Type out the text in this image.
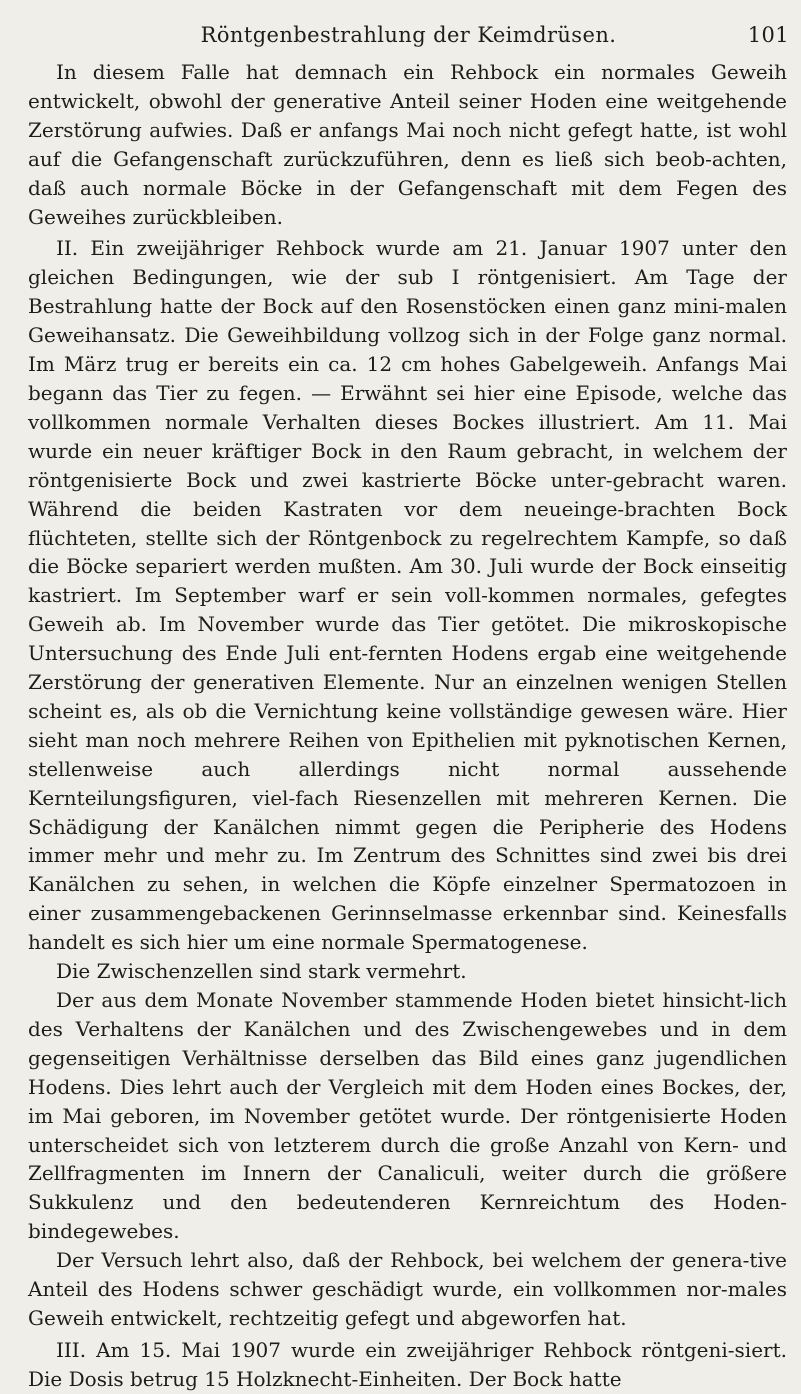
Röntgenbestrahlung der Keimdrüsen.	101

In diesem Falle hat demnach ein Rehbock ein normales Geweih entwickelt, obwohl der generative Anteil seiner Hoden eine weitgehende Zerstörung aufwies. Daß er anfangs Mai noch nicht gefegt hatte, ist wohl auf die Gefangenschaft zurückzuführen, denn es ließ sich beob-achten, daß auch normale Böcke in der Gefangenschaft mit dem Fegen des Geweihes zurückbleiben.

II. Ein zweijähriger Rehbock wurde am 21. Januar 1907 unter den gleichen Bedingungen, wie der sub I röntgenisiert. Am Tage der Bestrahlung hatte der Bock auf den Rosenstöcken einen ganz mini-malen Geweihansatz. Die Geweihbildung vollzog sich in der Folge ganz normal. Im März trug er bereits ein ca. 12 cm hohes Gabelgeweih. Anfangs Mai begann das Tier zu fegen. — Erwähnt sei hier eine Episode, welche das vollkommen normale Verhalten dieses Bockes illustriert. Am 11. Mai wurde ein neuer kräftiger Bock in den Raum gebracht, in welchem der röntgenisierte Bock und zwei kastrierte Böcke unter-gebracht waren. Während die beiden Kastraten vor dem neueinge-brachten Bock flüchteten, stellte sich der Röntgenbock zu regelrechtem Kampfe, so daß die Böcke separiert werden mußten. Am 30. Juli wurde der Bock einseitig kastriert. Im September warf er sein voll-kommen normales, gefegtes Geweih ab. Im November wurde das Tier getötet. Die mikroskopische Untersuchung des Ende Juli ent-fernten Hodens ergab eine weitgehende Zerstörung der generativen Elemente. Nur an einzelnen wenigen Stellen scheint es, als ob die Vernichtung keine vollständige gewesen wäre. Hier sieht man noch mehrere Reihen von Epithelien mit pyknotischen Kernen, stellenweise auch allerdings nicht normal aussehende Kernteilungsfiguren, viel-fach Riesenzellen mit mehreren Kernen. Die Schädigung der Kanälchen nimmt gegen die Peripherie des Hodens immer mehr und mehr zu. Im Zentrum des Schnittes sind zwei bis drei Kanälchen zu sehen, in welchen die Köpfe einzelner Spermatozoen in einer zusammengebackenen Gerinnselmasse erkennbar sind. Keinesfalls handelt es sich hier um eine normale Spermatogenese.

Die Zwischenzellen sind stark vermehrt.

Der aus dem Monate November stammende Hoden bietet hinsicht-lich des Verhaltens der Kanälchen und des Zwischengewebes und in dem gegenseitigen Verhältnisse derselben das Bild eines ganz jugendlichen Hodens. Dies lehrt auch der Vergleich mit dem Hoden eines Bockes, der, im Mai geboren, im November getötet wurde. Der röntgenisierte Hoden unterscheidet sich von letzterem durch die große Anzahl von Kern- und Zellfragmenten im Innern der Canaliculi, weiter durch die größere Sukkulenz und den bedeutenderen Kernreichtum des Hoden-bindegewebes.

Der Versuch lehrt also, daß der Rehbock, bei welchem der genera-tive Anteil des Hodens schwer geschädigt wurde, ein vollkommen nor-males Geweih entwickelt, rechtzeitig gefegt und abgeworfen hat.

III. Am 15. Mai 1907 wurde ein zweijähriger Rehbock röntgeni-siert. Die Dosis betrug 15 Holzknecht-Einheiten. Der Bock hatte
